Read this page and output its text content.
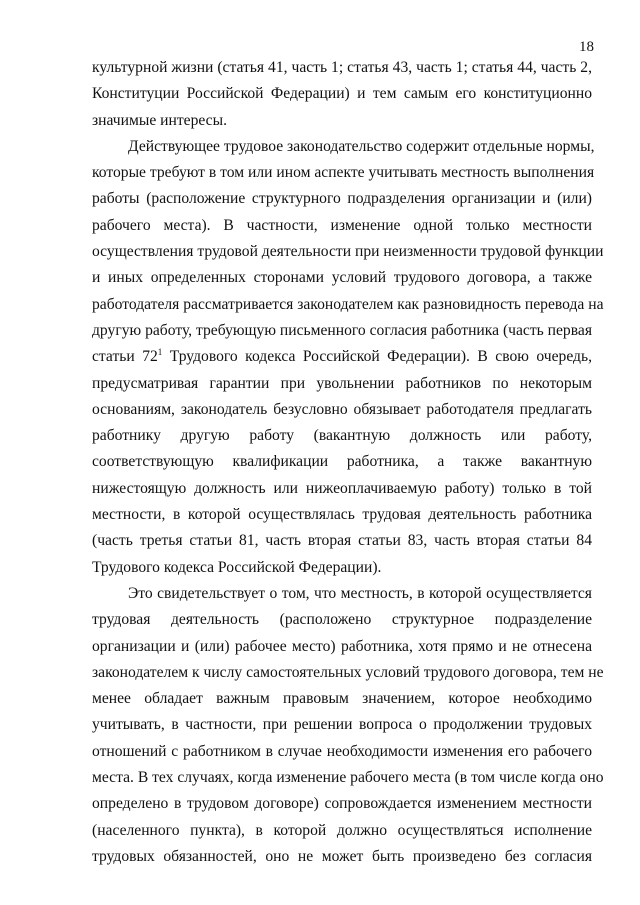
18
культурной жизни (статья 41, часть 1; статья 43, часть 1; статья 44, часть 2,
Конституции Российской Федерации) и тем самым его конституционно
значимые интересы.
Действующее трудовое законодательство содержит отдельные нормы,
которые требуют в том или ином аспекте учитывать местность выполнения
работы (расположение структурного подразделения организации и (или)
рабочего места). В частности, изменение одной только местности
осуществления трудовой деятельности при неизменности трудовой функции
и иных определенных сторонами условий трудового договора, а также
работодателя рассматривается законодателем как разновидность перевода на
другую работу, требующую письменного согласия работника (часть первая
статьи $72^1$ Трудового кодекса Российской Федерации). В свою очередь,
предусматривая гарантии при увольнении работников по некоторым
основаниям, законодатель безусловно обязывает работодателя предлагать
работнику другую работу (вакантную должность или работу,
соответствующую квалификации работника, а также вакантную
нижестоящую должность или нижеоплачиваемую работу) только в той
местности, в которой осуществлялась трудовая деятельность работника
(часть третья статьи 81, часть вторая статьи 83, часть вторая статьи 84
Трудового кодекса Российской Федерации).
Это свидетельствует о том, что местность, в которой осуществляется
трудовая деятельность (расположено структурное подразделение
организации и (или) рабочее место) работника, хотя прямо и не отнесена
законодателем к числу самостоятельных условий трудового договора, тем не
менее обладает важным правовым значением, которое необходимо
учитывать, в частности, при решении вопроса о продолжении трудовых
отношений с работником в случае необходимости изменения его рабочего
места. В тех случаях, когда изменение рабочего места (в том числе когда оно
определено в трудовом договоре) сопровождается изменением местности
(населенного пункта), в которой должно осуществляться исполнение
трудовых обязанностей, оно не может быть произведено без согласия
